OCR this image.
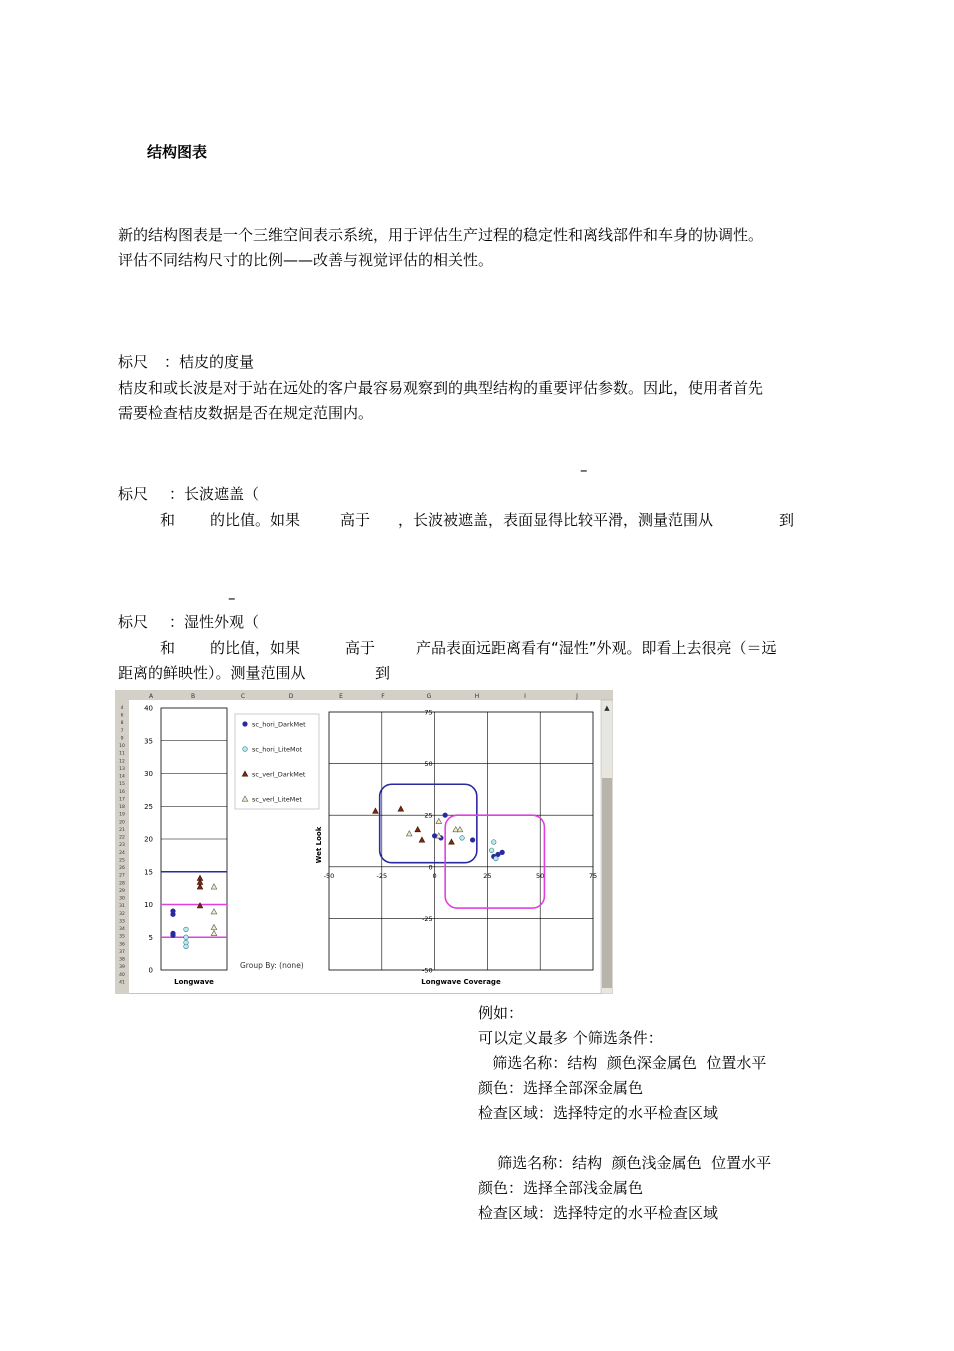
结构图表
新的结构图表是一个三维空间表示系统，用于评估生产过程的稳定性和离线部件和车身的协调性。
评估不同结构尺寸的比例——改善与视觉评估的相关性。
标尺 ：桔皮的度量
桔皮和或长波是对于站在远处的客户最容易观察到的典型结构的重要评估参数。因此，使用者首先
需要检查桔皮数据是否在规定范围内。
–
标尺 ：长波遮盖（
和 的比值。如果	高于 ，长波被遮盖，表面显得比较平滑，测量范围从	到
–
标尺 ：湿性外观（
和 的比值，如果	高于	产品表面远距离看有“湿性”外观。即看上去很亮（＝远
距离的鲜映性）。测量范围从	到
A	B	C	D	E	F	G	H	I	J
4
6
8
7
9
10
11
12
13
14
15
16
17
18
19
20
21
22
23
24
25
26
27
28
29
30
31
32
33
34
35
36
37
38
39
40
41
▲
40
35
30
25
20
15
10
5
0
Longwave
sc_hori_DarkMet
sc_hori_LiteMot
sc_verl_DarkMet
sc_verl_LiteMet
Group By: (none)
-50	-25	0	25	50	75
75
50
25
0
-25
-50
Longwave Coverage
Wet Look
例如：
可以定义最多 个筛选条件：
筛选名称：结构  颜色深金属色  位置水平
颜色：选择全部深金属色
检查区域：选择特定的水平检查区域
筛选名称：结构  颜色浅金属色  位置水平
颜色：选择全部浅金属色
检查区域：选择特定的水平检查区域
